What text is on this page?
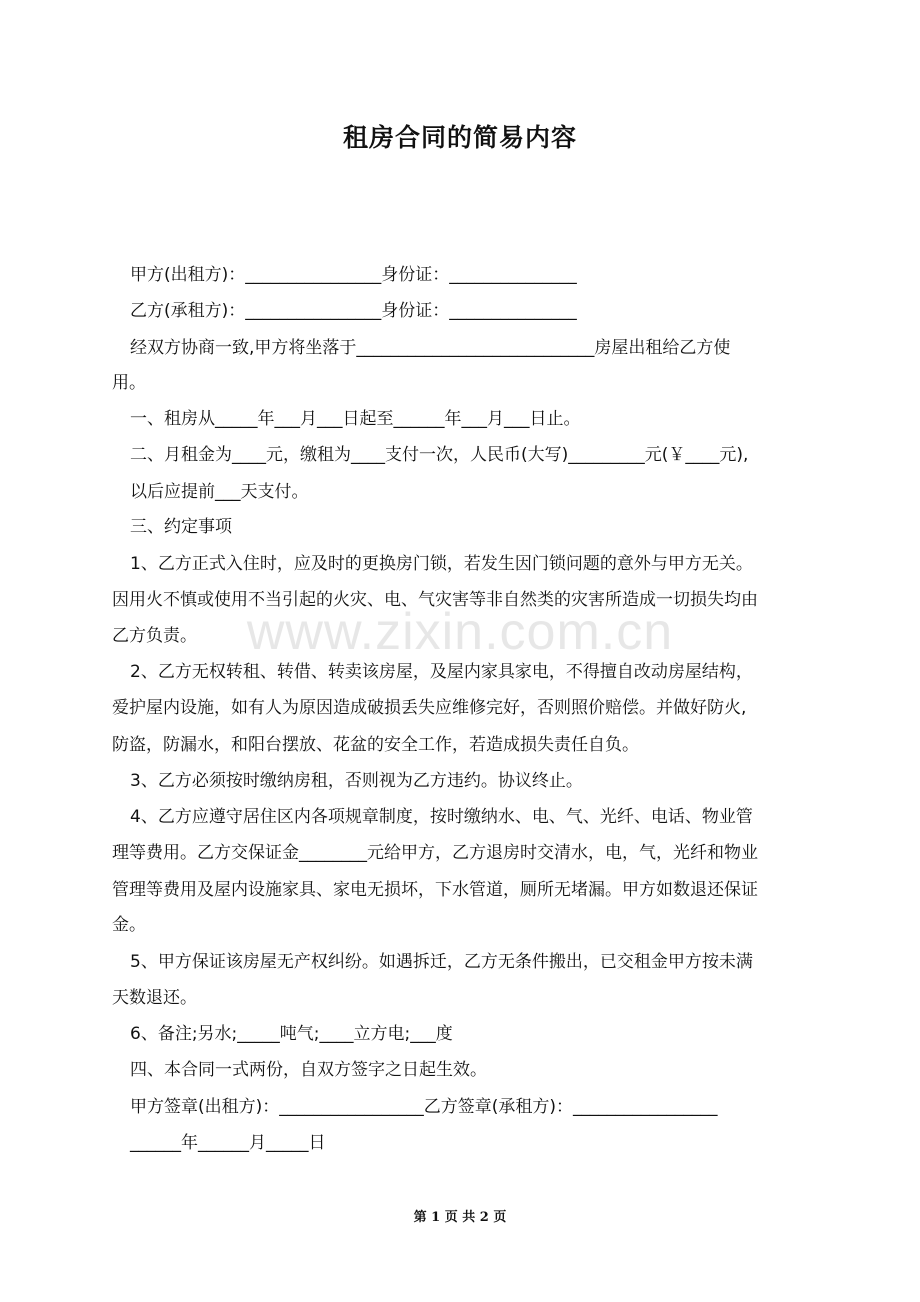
租房合同的简易内容
甲方(出租方)：________________身份证：_______________
乙方(承租方)：________________身份证：_______________
经双方协商一致,甲方将坐落于____________________________房屋出租给乙方使
用。
一、租房从_____年___月___日起至______年___月___日止。
二、月租金为____元，缴租为____支付一次，人民币(大写)_________元(￥____元),
以后应提前___天支付。
三、约定事项
1、乙方正式入住时，应及时的更换房门锁，若发生因门锁问题的意外与甲方无关。
因用火不慎或使用不当引起的火灾、电、气灾害等非自然类的灾害所造成一切损失均由
乙方负责。
2、乙方无权转租、转借、转卖该房屋，及屋内家具家电，不得擅自改动房屋结构，
爱护屋内设施，如有人为原因造成破损丢失应维修完好，否则照价赔偿。并做好防火,
防盗，防漏水，和阳台摆放、花盆的安全工作，若造成损失责任自负。
3、乙方必须按时缴纳房租，否则视为乙方违约。协议终止。
4、乙方应遵守居住区内各项规章制度，按时缴纳水、电、气、光纤、电话、物业管
理等费用。乙方交保证金________元给甲方，乙方退房时交清水，电，气，光纤和物业
管理等费用及屋内设施家具、家电无损坏，下水管道，厕所无堵漏。甲方如数退还保证
金。
5、甲方保证该房屋无产权纠纷。如遇拆迁，乙方无条件搬出，已交租金甲方按未满
天数退还。
6、备注;另水;_____吨气;____立方电;___度
四、本合同一式两份，自双方签字之日起生效。
甲方签章(出租方)：_________________乙方签章(承租方)：_________________
______年______月_____日
www.zixin.com.cn
第 1 页 共 2 页
